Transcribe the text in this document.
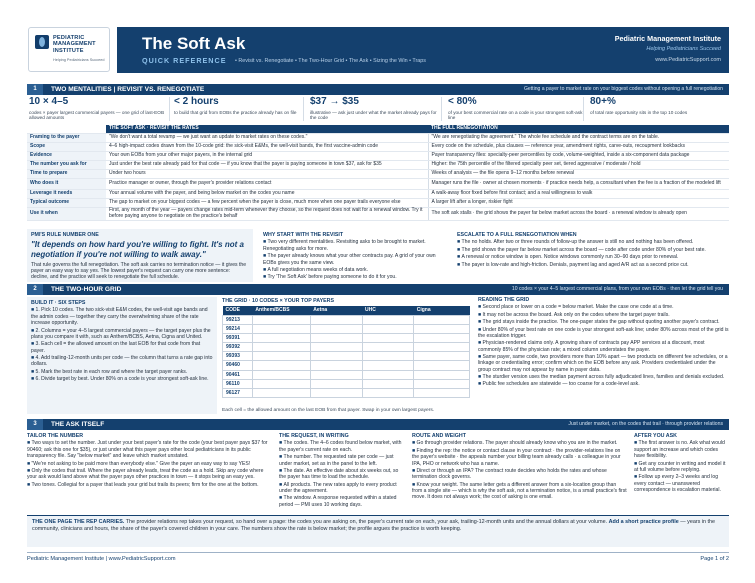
PEDIATRIC MANAGEMENT INSTITUTE
Helping Pediatricians Succeed
The Soft Ask
QUICK REFERENCE • Revisit vs. Renegotiate • The Two-Hour Grid • The Ask • Sizing the Win • Traps
Pediatric Management Institute
Helping Pediatricians Succeed
www.PediatricSupport.com
1	TWO MENTALITIES | REVISIT VS. RENEGOTIATE	Getting a payer to market rate on your biggest codes without opening a full renegotiation
10 × 4–5
codes × payer largest commercial payers — one grid of last-EOB allowed amounts
< 2 hours
to build that grid from EOBs the practice already has on file
$37 → $35
illustrative — ask just under what the market already pays for the code
< 80%
of your best commercial rate on a code is your strongest soft-ask line
80+%
of total rate opportunity sits in the top 10 codes
	THE SOFT ASK · REVISIT THE RATES	THE FULL RENEGOTIATION
Framing to the payer	"We don't want a total revamp — we just want an update to market rates on these codes."	"We are renegotiating the agreement." The whole fee schedule and the contract terms are on the table.
Scope	4–6 high-impact codes drawn from the 10-code grid: the sick-visit E&Ms, the well-visit bands, the first vaccine-admin code	Every code on the schedule, plus clauses — reference year, amendment rights, carve-outs, recoupment lookbacks
Evidence	Your own EOBs from your other major payers, in the internal grid	Payer transparency files: specialty-peer percentiles by code, volume-weighted, inside a six-component data package
The number you ask for	Just under the best rate already paid for that code — if you know that the payer is paying someone in town $37, ask for $35	Higher: the 75th percentile of the filtered specialty peer set, tiered aggressive / moderate / hold
Time to prepare	Under two hours	Weeks of analysis — the file opens 9–12 months before renewal
Who does it	Practice manager or owner, through the payer's provider relations contact	Manager runs the file · owner at chosen moments · if practice needs help, a consultant when the fee is a fraction of the modeled lift
Leverage it needs	Your annual volume with the payer, and being below market on the codes you name	A walk-away floor fixed before first contact; and a real willingness to walk
Typical outcome	The gap to market on your biggest codes — a few percent when the payer is close, much more when one payer trails everyone else	A larger lift after a longer, riskier fight
Use it when	First, any month of the year — payers change rates mid-term whenever they choose, so the request does not wait for a renewal window. Try it before paying anyone to negotiate on the practice's behalf	The soft ask stalls · the grid shows the payer far below market across the board · a renewal window is already open
PMI'S RULE NUMBER ONE
"It depends on how hard you're willing to fight. It's not a negotiation if you're not willing to walk away."
That rule governs the full renegotiation. The soft ask carries no termination notice — it gives the payer an easy way to say yes. The lowest payer's request can carry one more sentence: decline, and the practice will seek to renegotiate the full schedule.
WHY START WITH THE REVISIT
■ Two very different mentalities. Revisiting asks to be brought to market. Renegotiating asks for more.
■ The payer already knows what your other contracts pay. A grid of your own EOBs gives you the same view.
■ A full negotiation means weeks of data work.
■ Try 'The Soft Ask' before paying someone to do it for you.
ESCALATE TO A FULL RENEGOTIATION WHEN
■ The no holds. After two or three rounds of follow-up the answer is still no and nothing has been offered.
■ The grid shows the payer far below market across the board — code after code under 80% of your best rate.
■ A renewal or notice window is open. Notice windows commonly run 30–90 days prior to renewal.
■ The payer is low-rate and high-friction. Denials, payment lag and aged A/R act as a second price cut.
2	THE TWO-HOUR GRID	10 codes × your 4–5 largest commercial plans, from your own EOBs · then let the grid tell you
BUILD IT · SIX STEPS
■ 1. Pick 10 codes. The two sick-visit E&M codes, the well-visit age bands and the admin codes — together they carry the overwhelming share of the rate increase opportunity.
■ 2. Columns = your 4–5 largest commercial payers — the target payer plus the plans you compare it with, such as Anthem/BCBS, Aetna, Cigna and United.
■ 3. Each cell = the allowed amount on the last EOB for that code from that payer.
■ 4. Add trailing-12-month units per code — the column that turns a rate gap into dollars.
■ 5. Mark the best rate in each row and where the target payer ranks.
■ 6. Divide target by best. Under 80% on a code is your strongest soft-ask line.
THE GRID · 10 CODES × YOUR TOP PAYERS
CODE	Anthem/BCBS	Aetna	UHC	Cigna
99213				
99214				
99391				
99392				
99393				
90460				
90461				
96110				
96127				
Each cell = the allowed amount on the last EOB from that payer. Swap in your own largest payers.
READING THE GRID
■ Second place or lower on a code = below market. Make the case one code at a time.
■ It may not be across the board. Ask only on the codes where the target payer trails.
■ The grid stays inside the practice. The one-pager states the gap without quoting another payer's contract.
■ Under 80% of your best rate on one code is your strongest soft-ask line; under 80% across most of the grid is the escalation trigger.
■ Physician-rendered claims only. A growing share of contracts pay APP services at a discount, most commonly 85% of the physician rate; a mixed column understates the payer.
■ Same payer, same code, two providers more than 10% apart — two products on different fee schedules, or a linkage or credentialing error; confirm which on the EOB before any ask. Providers credentialed under the group contract may not appear by name in payer data.
■ The sturdier version uses the median payment across fully adjudicated lines, families and denials excluded.
■ Public fee schedules are statewide — too coarse for a code-level ask.
3	THE ASK ITSELF	Just under market, on the codes that trail · through provider relations
TAILOR THE NUMBER
■ Two ways to set the number. Just under your best payer's rate for the code (your best payer pays $37 for 90460; ask this one for $35), or just under what this payer pays other local pediatricians in its public transparency file. Say "below market" and leave which market unstated.
■ "We're not asking to be paid more than everybody else." Give the payer an easy way to say YES!
■ Only the codes that trail. Where the payer already leads, treat the code as a hold. Skip any code where your ask would land above what the payer pays other practices in town — it stops being an easy yes.
■ Two tones. Collegial for a payer that leads your grid but trails its peers; firm for the one at the bottom.
THE REQUEST, IN WRITING
■ The codes. The 4–6 codes found below market, with the payer's current rate on each.
■ The number. The requested rate per code — just under market, set as in the panel to the left.
■ The date. An effective date about six weeks out, so the payer has time to load the schedule.
■ All products. The new rates apply to every product under the agreement.
■ The window. A response requested within a stated period — PMI uses 10 working days.
ROUTE AND WEIGHT
■ Go through provider relations. The payer should already know who you are in the market.
■ Finding the rep: the notice or contact clause in your contract · the provider-relations line on the payer's website · the appeals number your billing team already calls · a colleague in your IPA, PHO or network who has a name.
■ Direct or through an IPA? The contract route decides who holds the rates and whose termination clock governs.
■ Know your weight. The same letter gets a different answer from a six-location group than from a single site — which is why the soft ask, not a termination notice, is a small practice's first move. It does not always work; the cost of asking is one email.
AFTER YOU ASK
■ The first answer is no. Ask what would support an increase and which codes have flexibility.
■ Get any counter in writing and model it at full volume before replying.
■ Follow up every 2–3 weeks and log every contact — unanswered correspondence is escalation material.
THE ONE PAGE THE REP CARRIES. The provider relations rep takes your request, so hand over a page: the codes you are asking on, the payer's current rate on each, your ask, trailing-12-month units and the annual dollars at your volume. Add a short practice profile — years in the community, clinicians and hours, the share of the payer's covered children in your care. The numbers show the rate is below market; the profile argues the practice is worth keeping.
Pediatric Management Institute | www.PediatricSupport.com	Page 1 of 2
